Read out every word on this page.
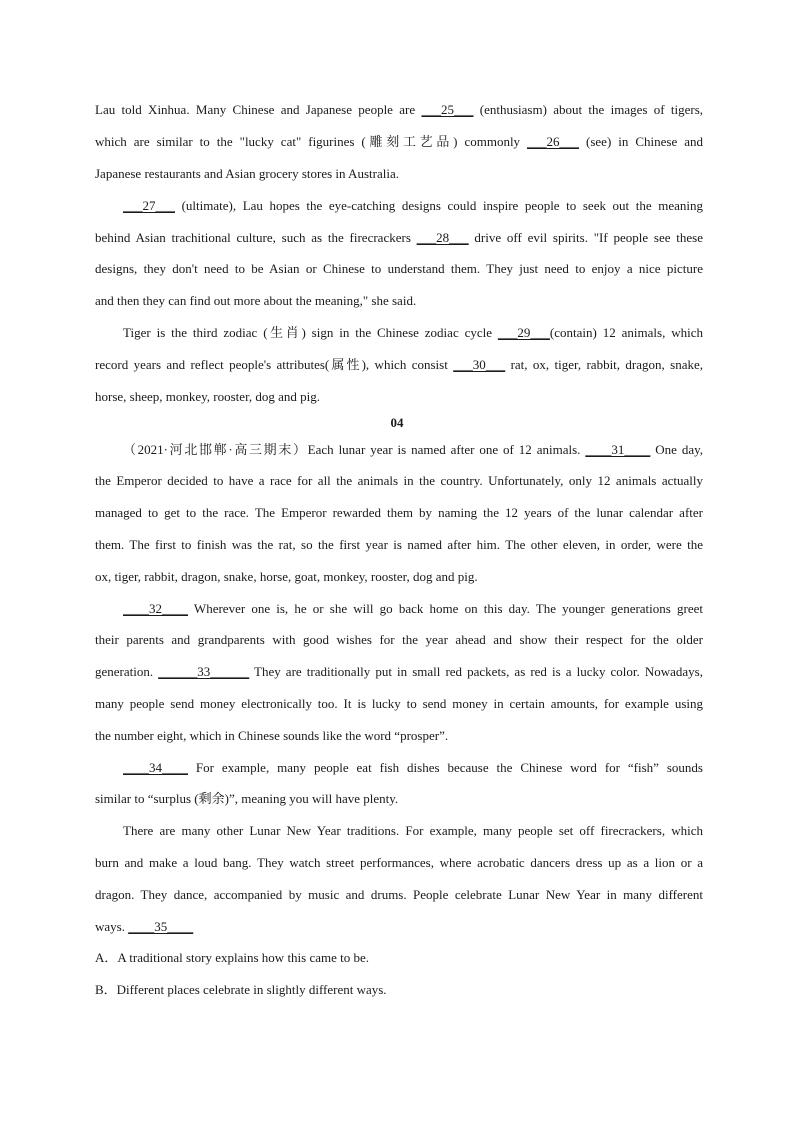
Lau told Xinhua. Many Chinese and Japanese people are ___25___ (enthusiasm) about the images of tigers,
which are similar to the "lucky cat" figurines (雕刻工艺品) commonly ___26___ (see) in Chinese and
Japanese restaurants and Asian grocery stores in Australia.
___27___ (ultimate), Lau hopes the eye-catching designs could inspire people to seek out the meaning
behind Asian trachitional culture, such as the firecrackers ___28___ drive off evil spirits. "If people see these
designs, they don't need to be Asian or Chinese to understand them. They just need to enjoy a nice picture
and then they can find out more about the meaning," she said.
Tiger is the third zodiac (生肖) sign in the Chinese zodiac cycle ___29___(contain) 12 animals, which
record years and reflect people's attributes(属性), which consist ___30___ rat, ox, tiger, rabbit, dragon, snake,
horse, sheep, monkey, rooster, dog and pig.
04
（2021·河北邯郸·高三期末）Each lunar year is named after one of 12 animals. ____31____ One day,
the Emperor decided to have a race for all the animals in the country. Unfortunately, only 12 animals actually
managed to get to the race. The Emperor rewarded them by naming the 12 years of the lunar calendar after
them. The first to finish was the rat, so the first year is named after him. The other eleven, in order, were the
ox, tiger, rabbit, dragon, snake, horse, goat, monkey, rooster, dog and pig.
____32____ Wherever one is, he or she will go back home on this day. The younger generations greet
their parents and grandparents with good wishes for the year ahead and show their respect for the older
generation. ______33______ They are traditionally put in small red packets, as red is a lucky color. Nowadays,
many people send money electronically too. It is lucky to send money in certain amounts, for example using
the number eight, which in Chinese sounds like the word “prosper”.
____34____ For example, many people eat fish dishes because the Chinese word for “fish” sounds
similar to “surplus (剩余)”, meaning you will have plenty.
There are many other Lunar New Year traditions. For example, many people set off firecrackers, which
burn and make a loud bang. They watch street performances, where acrobatic dancers dress up as a lion or a
dragon. They dance, accompanied by music and drums. People celebrate Lunar New Year in many different
ways. ____35____
A．A traditional story explains how this came to be.
B．Different places celebrate in slightly different ways.
